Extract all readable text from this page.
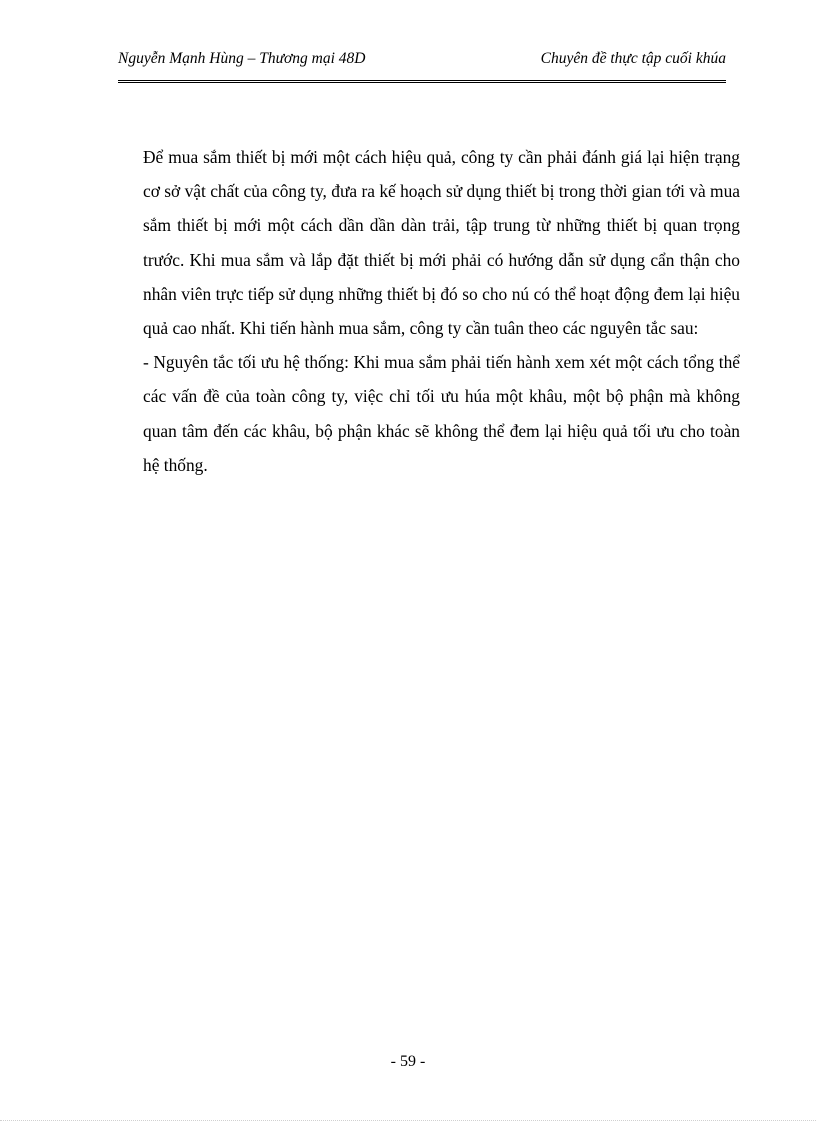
Nguyễn Mạnh Hùng – Thương mại 48D	Chuyên đề thực tập cuối khúa

Để mua sắm thiết bị mới một cách hiệu quả, công ty cần phải đánh giá lại hiện trạng cơ sở vật chất của công ty, đưa ra kế hoạch sử dụng thiết bị trong thời gian tới và mua sắm thiết bị mới một cách dần dần dàn trải, tập trung từ những thiết bị quan trọng trước. Khi mua sắm và lắp đặt thiết bị mới phải có hướng dẫn sử dụng cẩn thận cho nhân viên trực tiếp sử dụng những thiết bị đó so cho nú có thể hoạt động đem lại hiệu quả cao nhất. Khi tiến hành mua sắm, công ty cần tuân theo các nguyên tắc sau:

- Nguyên tắc tối ưu hệ thống: Khi mua sắm phải tiến hành xem xét một cách tổng thể các vấn đề của toàn công ty, việc chỉ tối ưu húa một khâu, một bộ phận mà không quan tâm đến các khâu, bộ phận khác sẽ không thể đem lại hiệu quả tối ưu cho toàn hệ thống.

- 59 -
